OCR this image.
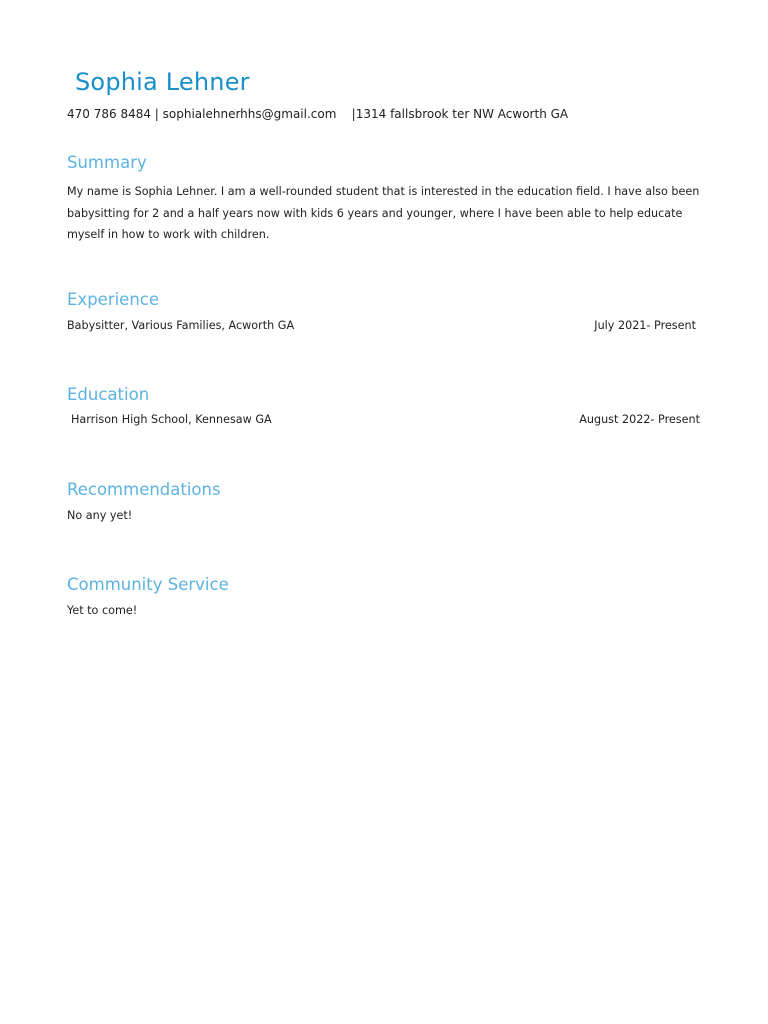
Sophia Lehner
470 786 8484 | sophialehnerhhs@gmail.com    |1314 fallsbrook ter NW Acworth GA
Summary
My name is Sophia Lehner. I am a well-rounded student that is interested in the education field. I have also been babysitting for 2 and a half years now with kids 6 years and younger, where I have been able to help educate myself in how to work with children.
Experience
Babysitter, Various Families, Acworth GA	July 2021- Present
Education
Harrison High School, Kennesaw GA	August 2022- Present
Recommendations
No any yet!
Community Service
Yet to come!
